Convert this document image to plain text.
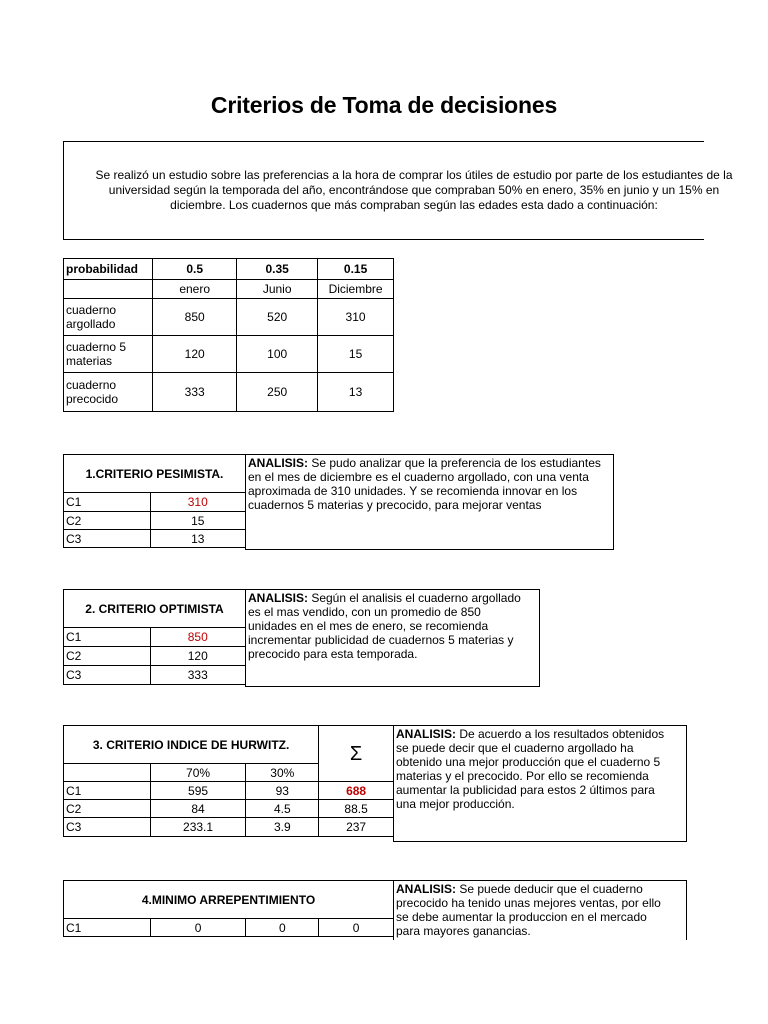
Criterios de Toma de decisiones

Se realizó un estudio sobre las preferencias a la hora de comprar los útiles de estudio por parte de los estudiantes de la
universidad según la temporada del año, encontrándose que compraban 50% en enero, 35% en junio y un 15% en
diciembre. Los cuadernos que más compraban según las edades esta dado a continuación:

probabilidad	0.5	0.35	0.15
	enero	Junio	Diciembre
cuaderno
argollado	850	520	310
cuaderno 5
materias	120	100	15
cuaderno
precocido	333	250	13
1.CRITERIO PESIMISTA.	
C1	310
C2	15
C3	13
ANALISIS: Se pudo analizar que la preferencia de los estudiantes
en el mes de diciembre es el cuaderno argollado, con una venta
aproximada de 310 unidades. Y se recomienda innovar en los
cuadernos 5 materias y precocido, para mejorar ventas
2. CRITERIO OPTIMISTA	
C1	850
C2	120
C3	333
ANALISIS: Según el analisis el cuaderno argollado
es el mas vendido, con un promedio de 850
unidades en el mes de enero, se recomienda
incrementar publicidad de cuadernos 5 materias y
precocido para esta temporada.
3. CRITERIO INDICE DE HURWITZ.			Σ
	70%	30%	
C1	595	93	688
C2	84	4.5	88.5
C3	233.1	3.9	237
ANALISIS: De acuerdo a los resultados obtenidos
se puede decir que el cuaderno argollado ha
obtenido una mejor producción que el cuaderno 5
materias y el precocido. Por ello se recomienda
aumentar la publicidad para estos 2 últimos para
una mejor producción.
4.MINIMO ARREPENTIMIENTO
C1	0	0	0
ANALISIS: Se puede deducir que el cuaderno
precocido ha tenido unas mejores ventas, por ello
se debe aumentar la produccion en el mercado
para mayores ganancias.
